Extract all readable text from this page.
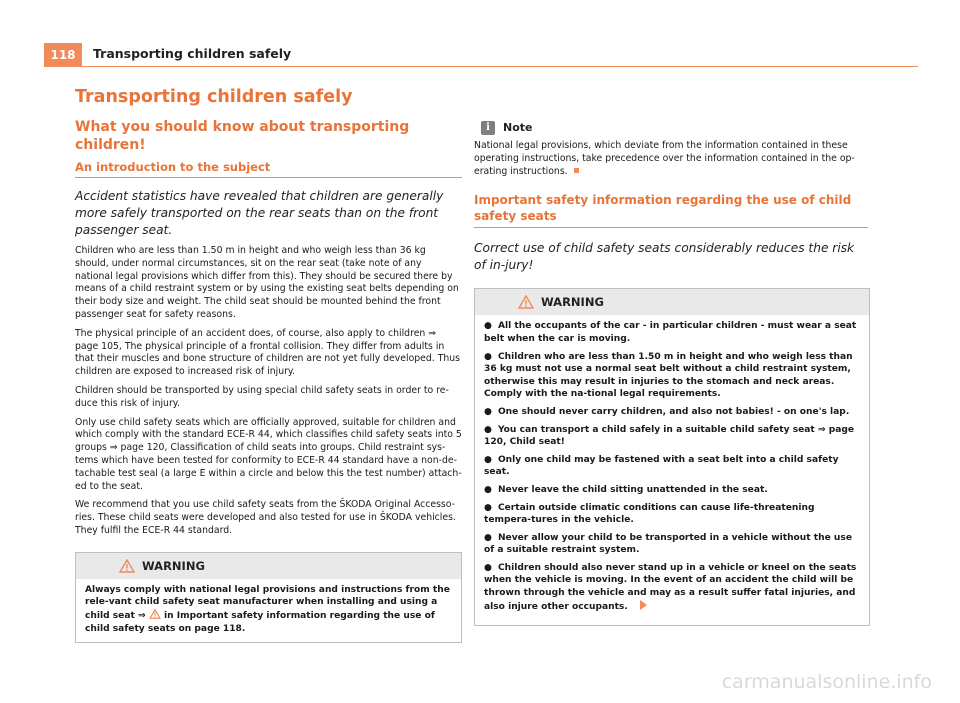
118	Transporting children safely
Transporting children safely
What you should know about transporting children!
An introduction to the subject
Accident statistics have revealed that children are generally more safely transported on the rear seats than on the front passenger seat.

Children who are less than 1.50 m in height and who weigh less than 36 kg should, under normal circumstances, sit on the rear seat (take note of any national legal provisions which differ from this). They should be secured there by means of a child restraint system or by using the existing seat belts depending on their body size and weight. The child seat should be mounted behind the front passenger seat for safety reasons.

The physical principle of an accident does, of course, also apply to children ⇒ page 105, The physical principle of a frontal collision. They differ from adults in that their muscles and bone structure of children are not yet fully developed. Thus children are exposed to increased risk of injury.

Children should be transported by using special child safety seats in order to re-duce this risk of injury.

Only use child safety seats which are officially approved, suitable for children and which comply with the standard ECE-R 44, which classifies child safety seats into 5 groups ⇒ page 120, Classification of child seats into groups. Child restraint sys-tems which have been tested for conformity to ECE-R 44 standard have a non-de-tachable test seal (a large E within a circle and below this the test number) attach-ed to the seat.

We recommend that you use child safety seats from the ŠKODA Original Accesso-ries. These child seats were developed and also tested for use in ŠKODA vehicles. They fulfil the ECE-R 44 standard.

WARNING
Always comply with national legal provisions and instructions from the rele-vant child safety seat manufacturer when installing and using a child seat ⇒ in Important safety information regarding the use of child safety seats on page 118.
i	Note
National legal provisions, which deviate from the information contained in these operating instructions, take precedence over the information contained in the op-erating instructions.
Important safety information regarding the use of child safety seats
Correct use of child safety seats considerably reduces the risk of in-jury!
WARNING
● All the occupants of the car - in particular children - must wear a seat belt when the car is moving.
● Children who are less than 1.50 m in height and who weigh less than 36 kg must not use a normal seat belt without a child restraint system, otherwise this may result in injuries to the stomach and neck areas. Comply with the na-tional legal requirements.
● One should never carry children, and also not babies! - on one's lap.
● You can transport a child safely in a suitable child safety seat ⇒ page 120, Child seat!
● Only one child may be fastened with a seat belt into a child safety seat.
● Never leave the child sitting unattended in the seat.
● Certain outside climatic conditions can cause life-threatening tempera-tures in the vehicle.
● Never allow your child to be transported in a vehicle without the use of a suitable restraint system.
● Children should also never stand up in a vehicle or kneel on the seats when the vehicle is moving. In the event of an accident the child will be thrown through the vehicle and may as a result suffer fatal injuries, and also injure other occupants.
carmanualsonline.info
